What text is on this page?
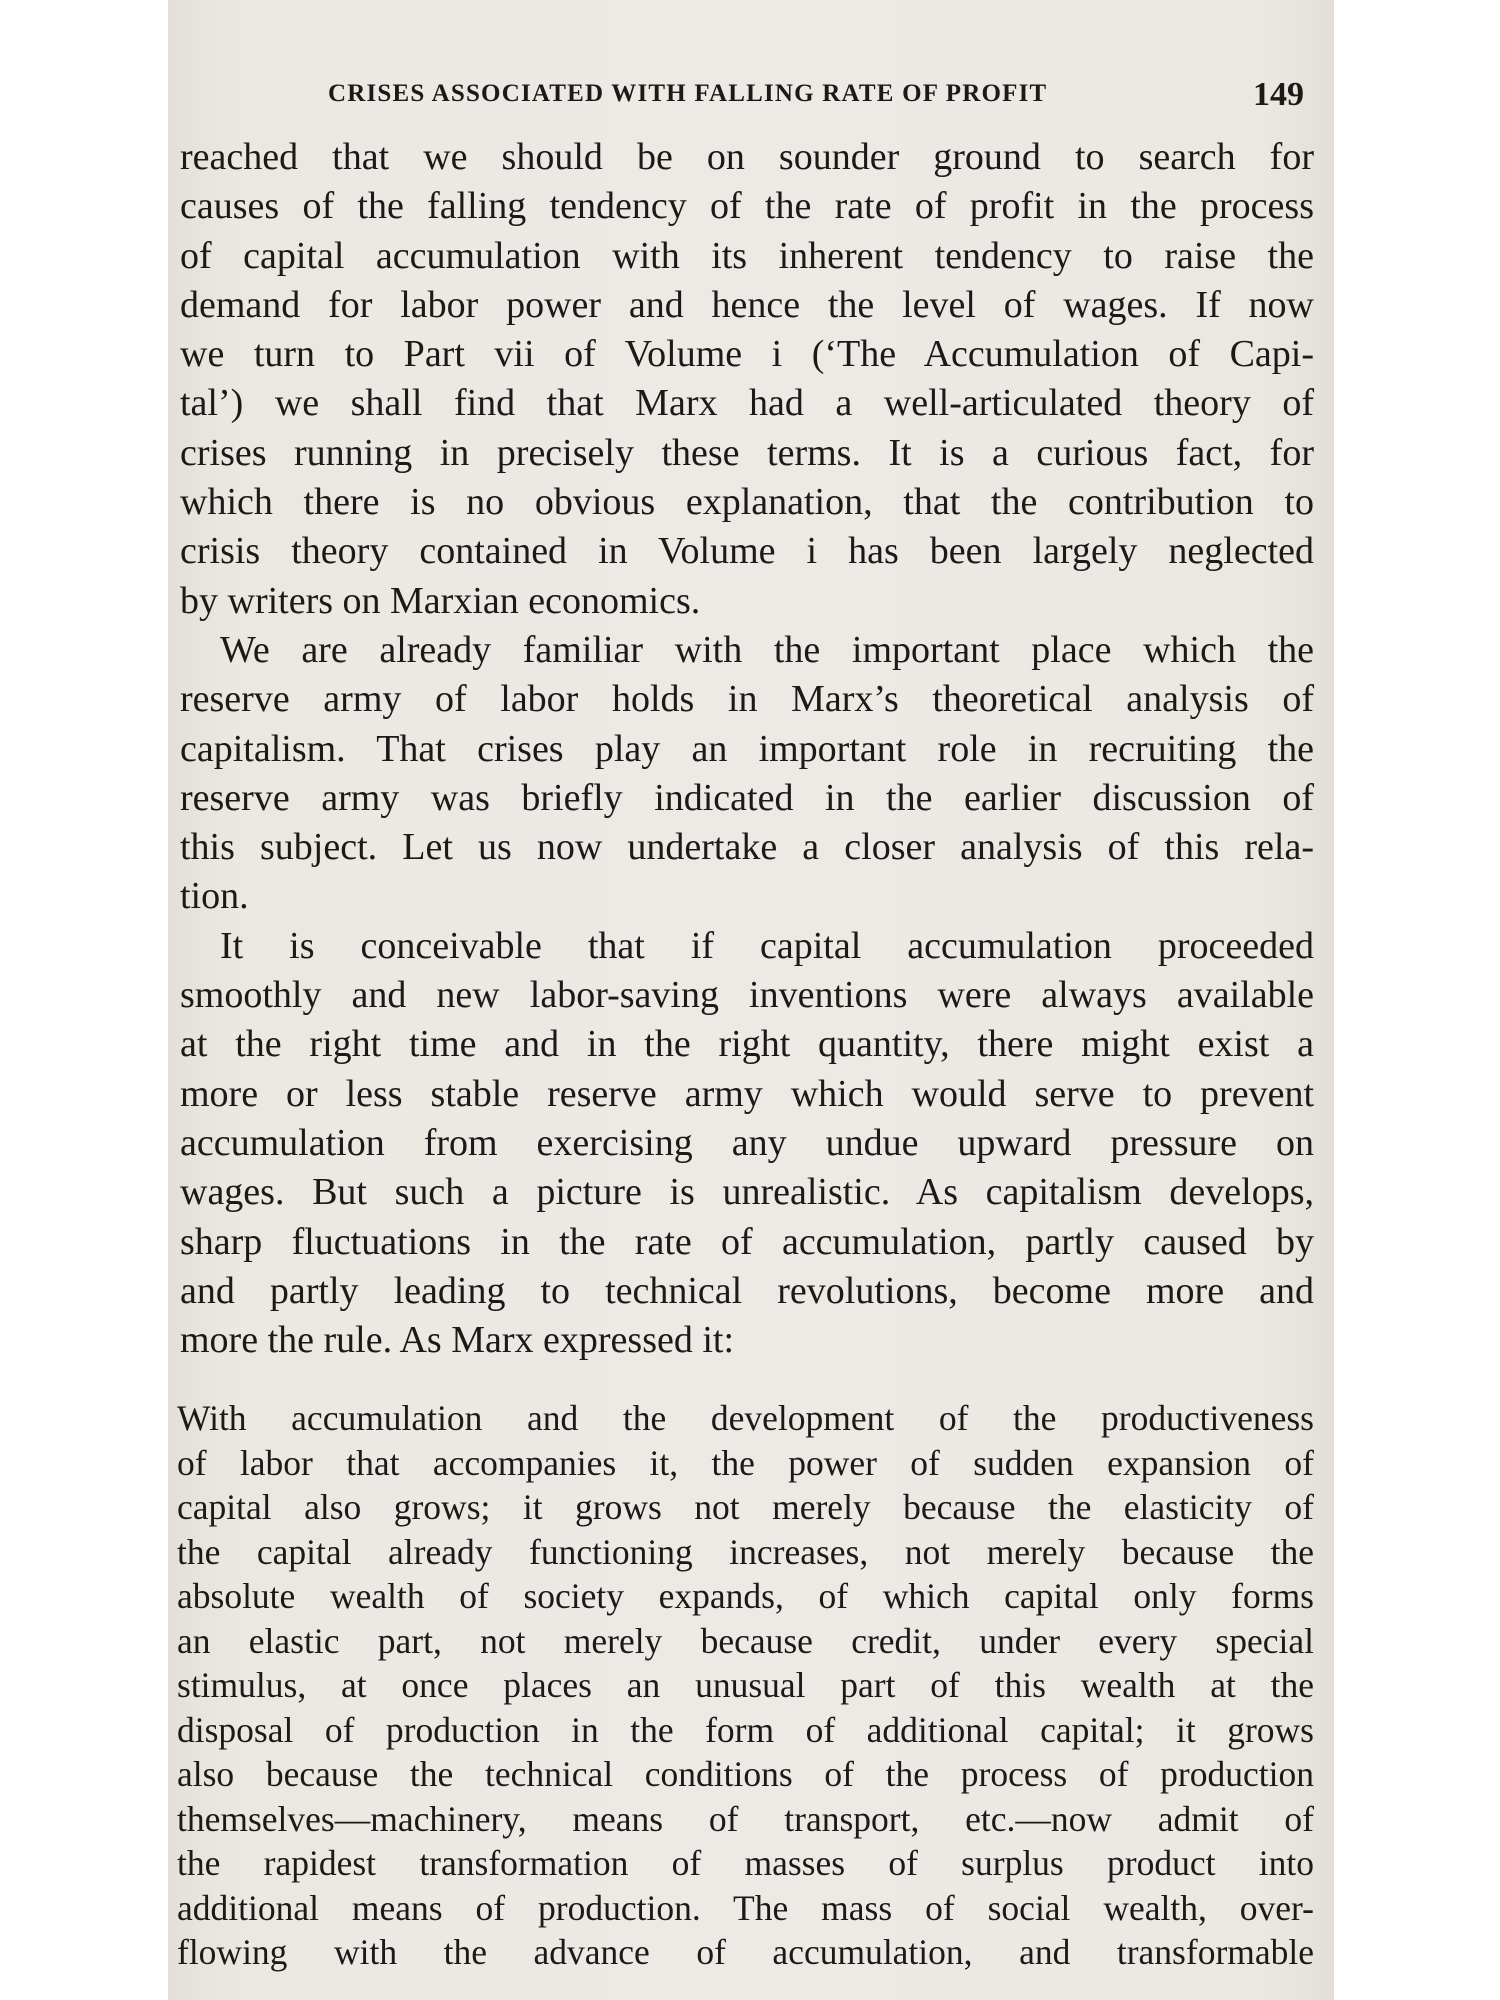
CRISES ASSOCIATED WITH FALLING RATE OF PROFIT	149
reached that we should be on sounder ground to search for
causes of the falling tendency of the rate of profit in the process
of capital accumulation with its inherent tendency to raise the
demand for labor power and hence the level of wages. If now
we turn to Part vii of Volume i (‘The Accumulation of Capi-
tal’) we shall find that Marx had a well-articulated theory of
crises running in precisely these terms. It is a curious fact, for
which there is no obvious explanation, that the contribution to
crisis theory contained in Volume i has been largely neglected
by writers on Marxian economics.
We are already familiar with the important place which the
reserve army of labor holds in Marx’s theoretical analysis of
capitalism. That crises play an important role in recruiting the
reserve army was briefly indicated in the earlier discussion of
this subject. Let us now undertake a closer analysis of this rela-
tion.
It is conceivable that if capital accumulation proceeded
smoothly and new labor-saving inventions were always available
at the right time and in the right quantity, there might exist a
more or less stable reserve army which would serve to prevent
accumulation from exercising any undue upward pressure on
wages. But such a picture is unrealistic. As capitalism develops,
sharp fluctuations in the rate of accumulation, partly caused by
and partly leading to technical revolutions, become more and
more the rule. As Marx expressed it:
With accumulation and the development of the productiveness
of labor that accompanies it, the power of sudden expansion of
capital also grows; it grows not merely because the elasticity of
the capital already functioning increases, not merely because the
absolute wealth of society expands, of which capital only forms
an elastic part, not merely because credit, under every special
stimulus, at once places an unusual part of this wealth at the
disposal of production in the form of additional capital; it grows
also because the technical conditions of the process of production
themselves—machinery, means of transport, etc.—now admit of
the rapidest transformation of masses of surplus product into
additional means of production. The mass of social wealth, over-
flowing with the advance of accumulation, and transformable
